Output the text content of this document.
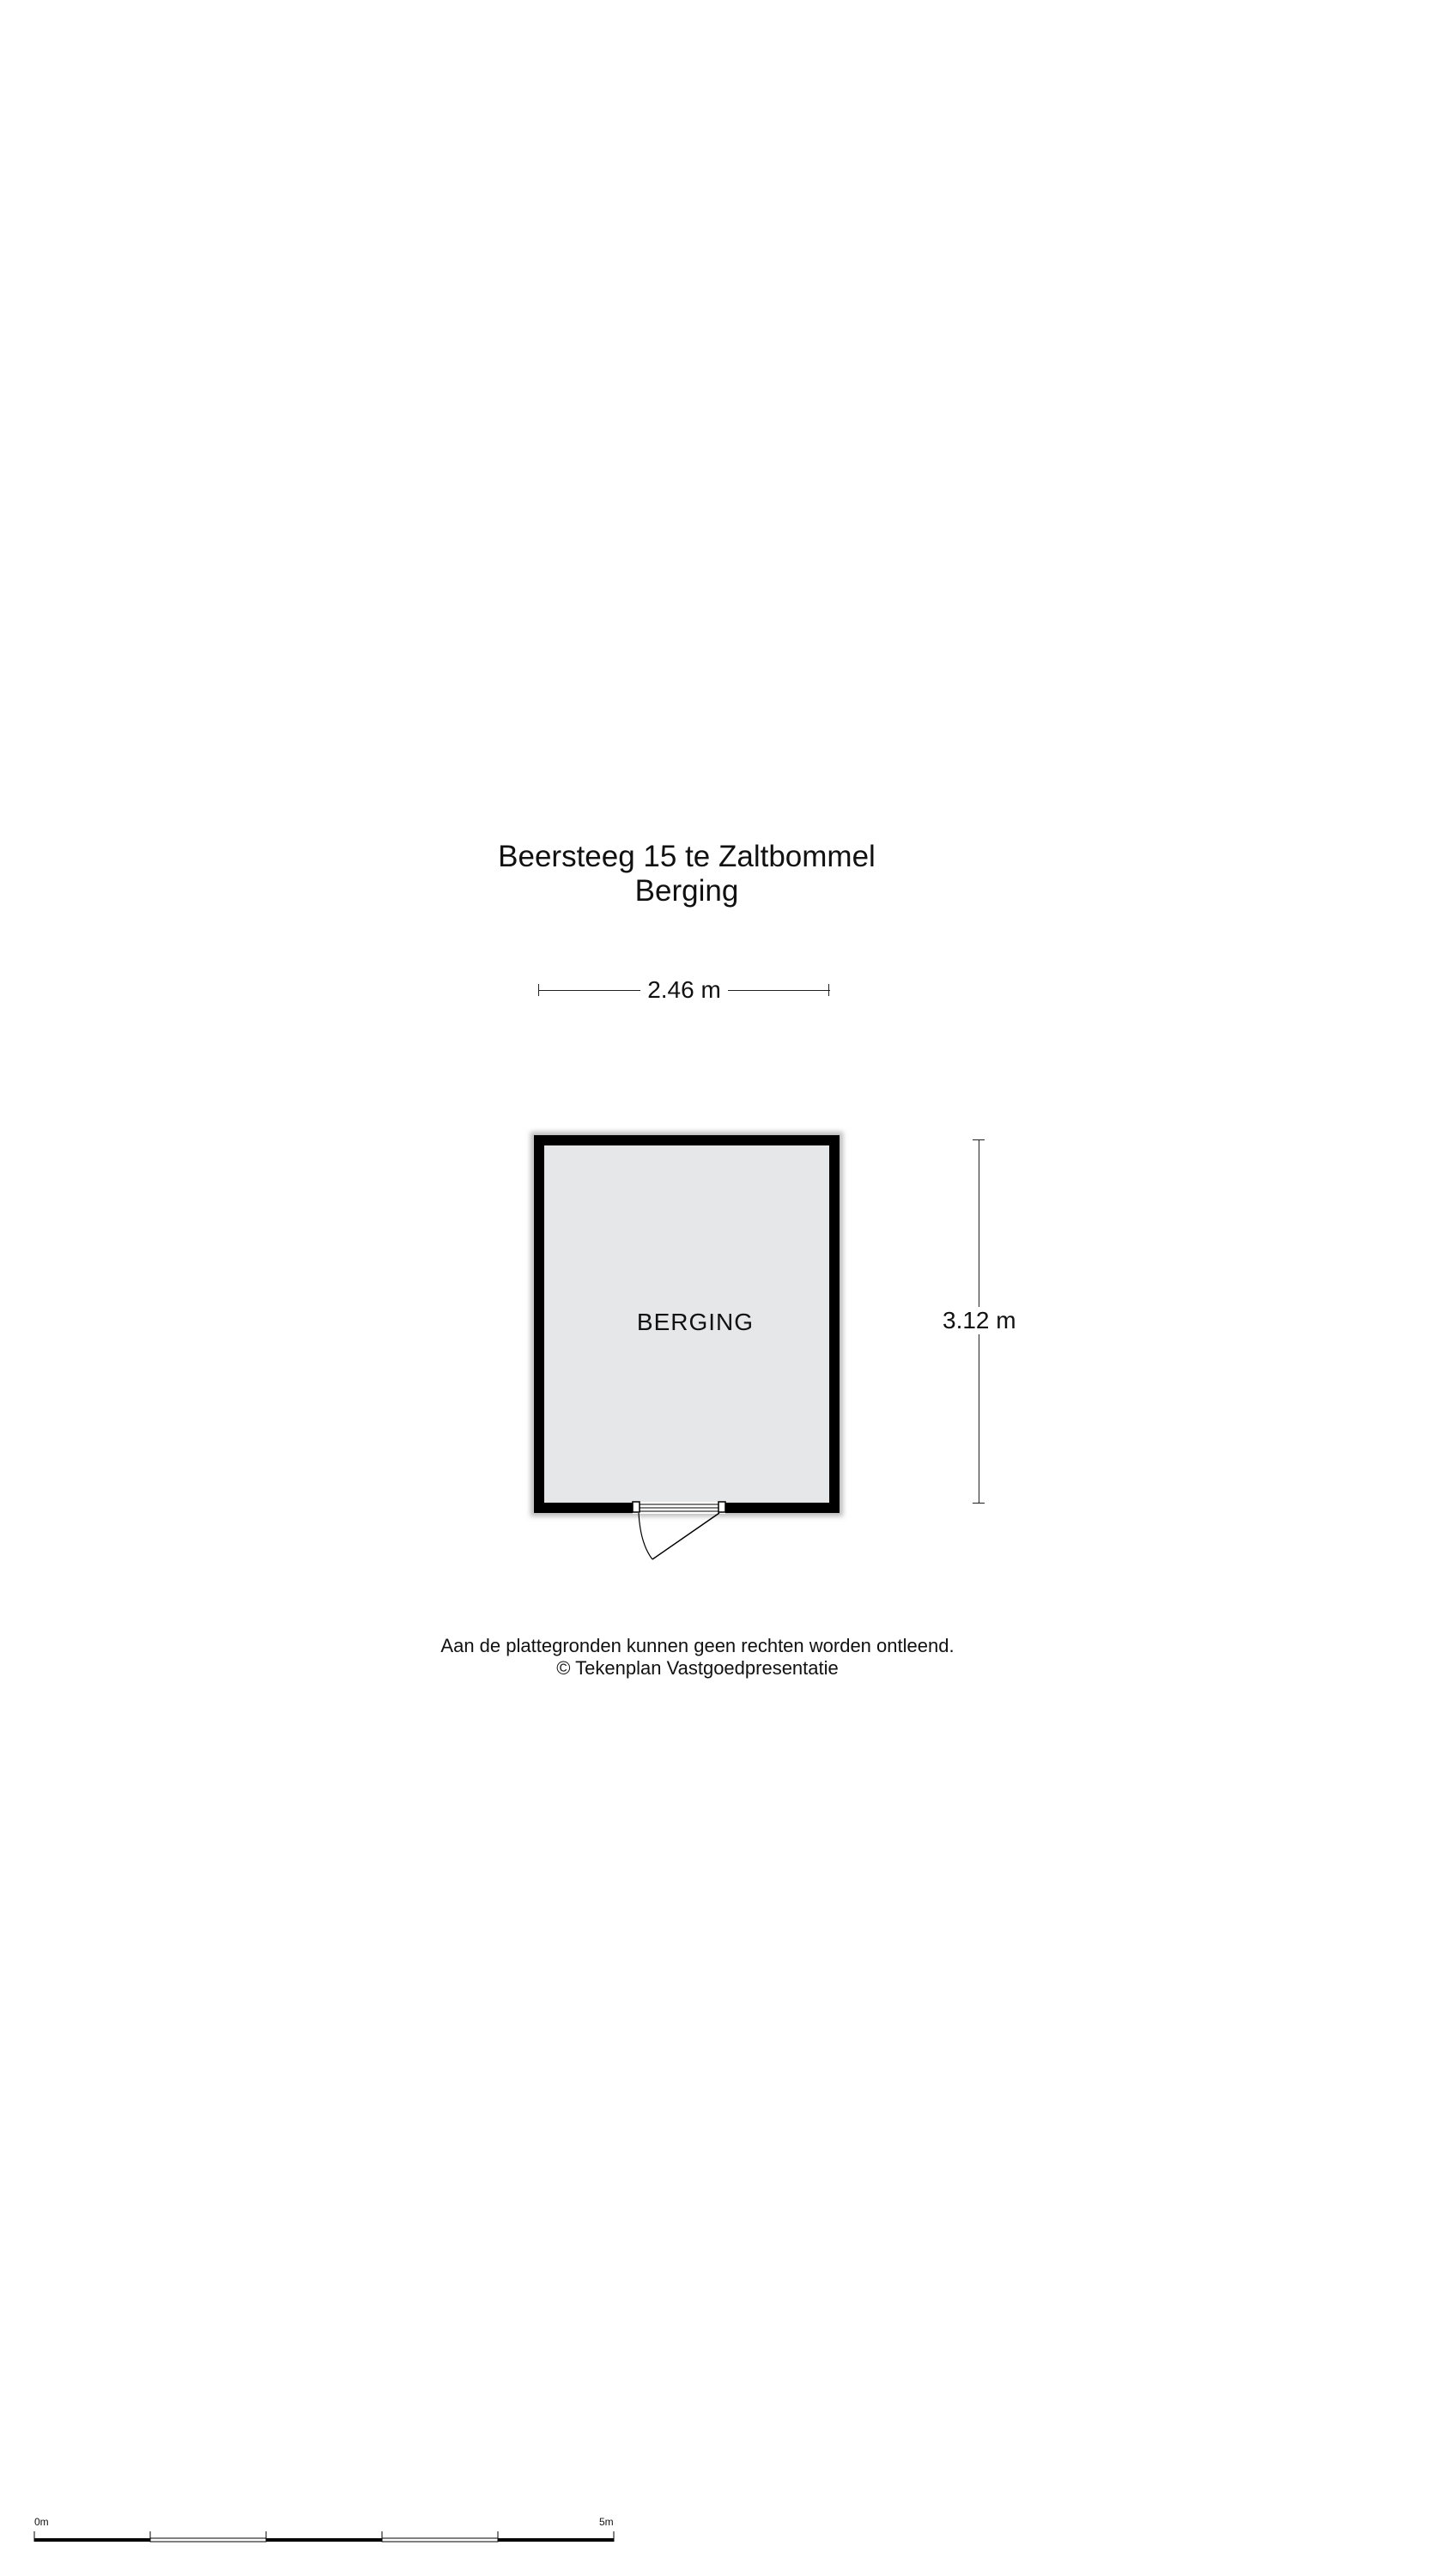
Beersteeg 15 te Zaltbommel
Berging
2.46 m
BERGING	3.12 m
Aan de plattegronden kunnen geen rechten worden ontleend.
© Tekenplan Vastgoedpresentatie
0m	5m
